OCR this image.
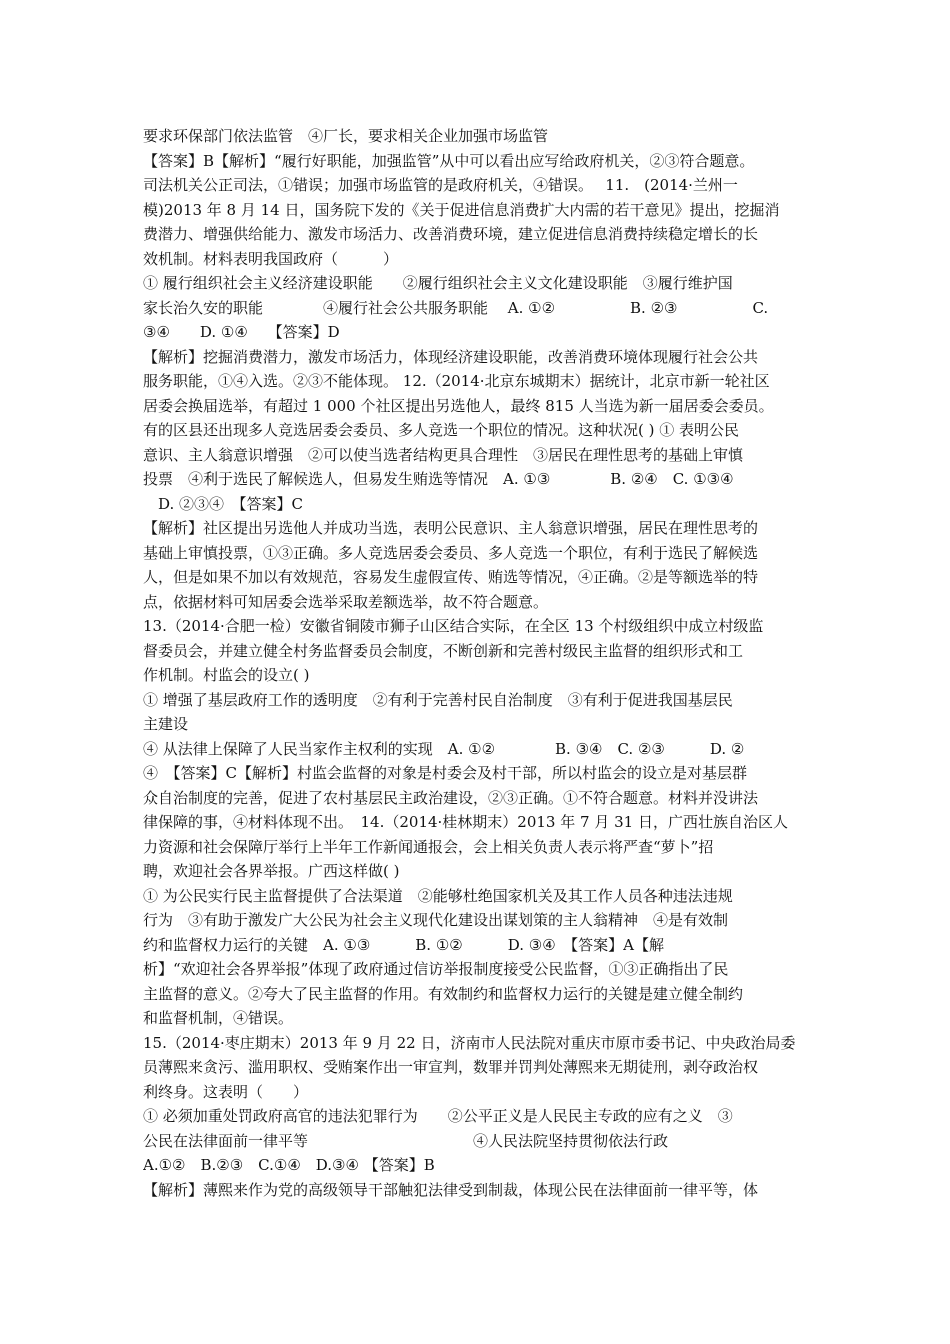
要求环保部门依法监管　④厂长，要求相关企业加强市场监管
【答案】B【解析】“履行好职能，加强监管”从中可以看出应写给政府机关，②③符合题意。
司法机关公正司法，①错误；加强市场监管的是政府机关，④错误。　 11.　(2014·兰州一
模)2013 年 8 月 14 日，国务院下发的《关于促进信息消费扩大内需的若干意见》提出，挖掘消
费潜力、增强供给能力、激发市场活力、改善消费环境，建立促进信息消费持续稳定增长的长
效机制。材料表明我国政府（　　　）
① 履行组织社会主义经济建设职能　　②履行组织社会主义文化建设职能　③履行维护国
家长治久安的职能　　　　④履行社会公共服务职能　 A. ①②　　　　　B. ②③　　　　　C.
③④　　D. ①④　 【答案】D
【解析】挖掘消费潜力，激发市场活力，体现经济建设职能，改善消费环境体现履行社会公共
服务职能，①④入选。②③不能体现。 12.（2014·北京东城期末）据统计，北京市新一轮社区
居委会换届选举，有超过 1 000 个社区提出另选他人，最终 815 人当选为新一届居委会委员。
有的区县还出现多人竞选居委会委员、多人竞选一个职位的情况。这种状况( ) ① 表明公民
意识、主人翁意识增强　②可以使当选者结构更具合理性　③居民在理性思考的基础上审慎
投票　④利于选民了解候选人，但易发生贿选等情况　A. ①③　　　　B. ②④　C. ①③④
　D. ②③④　【答案】C
【解析】社区提出另选他人并成功当选，表明公民意识、主人翁意识增强，居民在理性思考的
基础上审慎投票，①③正确。多人竞选居委会委员、多人竞选一个职位，有利于选民了解候选
人，但是如果不加以有效规范，容易发生虚假宣传、贿选等情况，④正确。②是等额选举的特
点，依据材料可知居委会选举采取差额选举，故不符合题意。
13.（2014·合肥一检）安徽省铜陵市狮子山区结合实际，在全区 13 个村级组织中成立村级监
督委员会，并建立健全村务监督委员会制度，不断创新和完善村级民主监督的组织形式和工
作机制。村监会的设立( )
① 增强了基层政府工作的透明度　②有利于完善村民自治制度　③有利于促进我国基层民
主建设
④ 从法律上保障了人民当家作主权利的实现　A. ①②　　　　B. ③④　C. ②③　　　D. ②
④　【答案】C【解析】村监会监督的对象是村委会及村干部，所以村监会的设立是对基层群
众自治制度的完善，促进了农村基层民主政治建设，②③正确。①不符合题意。材料并没讲法
律保障的事，④材料体现不出。　14.（2014·桂林期末）2013 年 7 月 31 日，广西壮族自治区人
力资源和社会保障厅举行上半年工作新闻通报会，会上相关负责人表示将严查“萝卜”招
聘，欢迎社会各界举报。广西这样做( )
① 为公民实行民主监督提供了合法渠道　②能够杜绝国家机关及其工作人员各种违法违规
行为　③有助于激发广大公民为社会主义现代化建设出谋划策的主人翁精神　④是有效制
约和监督权力运行的关键　A. ①③　　　B. ①②　　　D. ③④　【答案】A【解
析】“欢迎社会各界举报”体现了政府通过信访举报制度接受公民监督，①③正确指出了民
主监督的意义。②夸大了民主监督的作用。有效制约和监督权力运行的关键是建立健全制约
和监督机制，④错误。
15.（2014·枣庄期末）2013 年 9 月 22 日，济南市人民法院对重庆市原市委书记、中央政治局委
员薄熙来贪污、滥用职权、受贿案作出一审宣判，数罪并罚判处薄熙来无期徒刑，剥夺政治权
利终身。这表明（　　）
① 必须加重处罚政府高官的违法犯罪行为　　②公平正义是人民民主专政的应有之义　③
公民在法律面前一律平等　　　　　　　　　　　④人民法院坚持贯彻依法行政
A.①②　B.②③　C.①④　D.③④ 【答案】B
【解析】薄熙来作为党的高级领导干部触犯法律受到制裁，体现公民在法律面前一律平等，体
